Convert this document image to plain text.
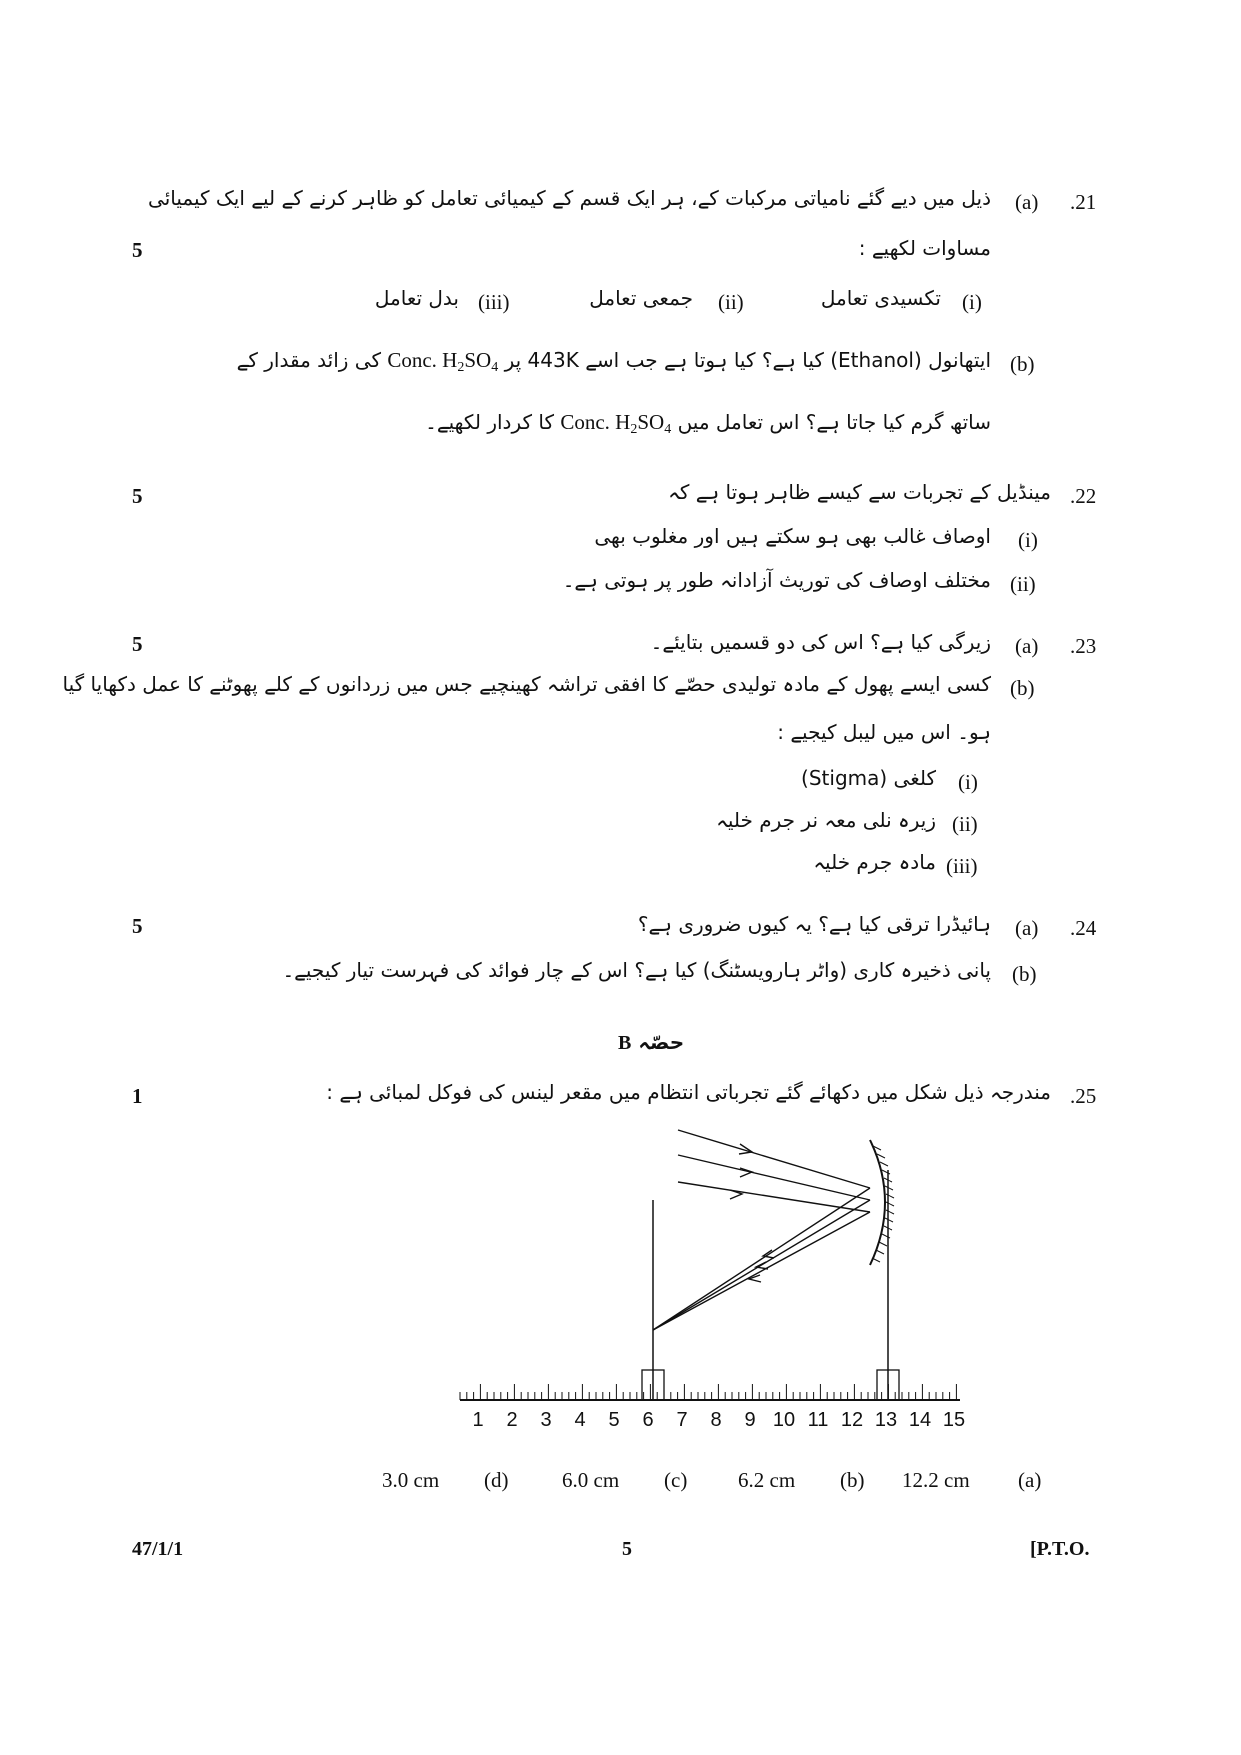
.21
(a)
ذیل میں دیے گئے نامیاتی مرکبات کے، ہر ایک قسم کے کیمیائی تعامل کو ظاہر کرنے کے لیے ایک کیمیائی
مساوات لکھیے :
5
(i)
تکسیدی تعامل
(ii)
جمعی تعامل
(iii)
بدل تعامل
(b)
ایتھانول (Ethanol) کیا ہے؟ کیا ہوتا ہے جب اسے 443K پر Conc. $H_2SO_4$ کی زائد مقدار کے
ساتھ گرم کیا جاتا ہے؟ اس تعامل میں Conc. $H_2SO_4$ کا کردار لکھیے۔
.22
مینڈیل کے تجربات سے کیسے ظاہر ہوتا ہے کہ
5
(i)
اوصاف غالب بھی ہو سکتے ہیں اور مغلوب بھی
(ii)
مختلف اوصاف کی توریث آزادانہ طور پر ہوتی ہے۔
.23
(a)
زیرگی کیا ہے؟ اس کی دو قسمیں بتایئے۔
5
(b)
کسی ایسے پھول کے مادہ تولیدی حصّے کا افقی تراشہ کھینچیے جس میں زردانوں کے کلے پھوٹنے کا عمل دکھایا گیا
ہو۔ اس میں لیبل کیجیے :
(i)
کلغی (Stigma)
(ii)
زیرہ نلی معہ نر جرم خلیہ
(iii)
مادہ جرم خلیہ
.24
(a)
ہائیڈرا ترقی کیا ہے؟ یہ کیوں ضروری ہے؟
5
(b)
پانی ذخیرہ کاری (واٹر ہارویسٹنگ) کیا ہے؟ اس کے چار فوائد کی فہرست تیار کیجیے۔
حصّہ B
.25
مندرجہ ذیل شکل میں دکھائے گئے تجرباتی انتظام میں مقعر لینس کی فوکل لمبائی ہے :
1
1 2 3 4 5 6 7 8 9 10 11 12 13 14 15
(a)
12.2 cm
(b)
6.2 cm
(c)
6.0 cm
(d)
3.0 cm
47/1/1	5	[P.T.O.
